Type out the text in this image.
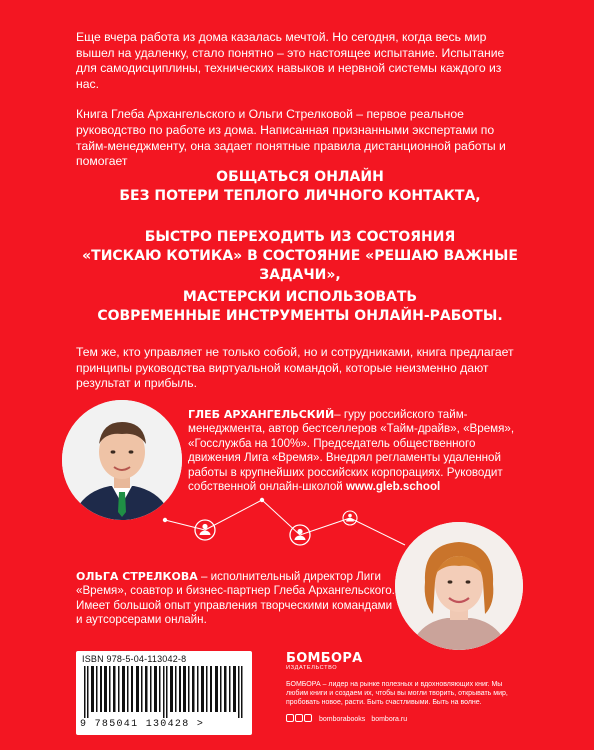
Еще вчера работа из дома казалась мечтой. Но сегодня, когда весь мир вышел на удаленку, стало понятно – это настоящее испытание. Испытание для самодисциплины, технических навыков и нервной системы каждого из нас.

Книга Глеба Архангельского и Ольги Стрелковой – первое реальное руководство по работе из дома. Написанная признанными экспертами по тайм-менеджменту, она задает понятные правила дистанционной работы и помогает

ОБЩАТЬСЯ ОНЛАЙН
БЕЗ ПОТЕРИ ТЕПЛОГО ЛИЧНОГО КОНТАКТА,
БЫСТРО ПЕРЕХОДИТЬ ИЗ СОСТОЯНИЯ
«ТИСКАЮ КОТИКА» В СОСТОЯНИЕ «РЕШАЮ ВАЖНЫЕ ЗАДАЧИ»,
МАСТЕРСКИ ИСПОЛЬЗОВАТЬ
СОВРЕМЕННЫЕ ИНСТРУМЕНТЫ ОНЛАЙН-РАБОТЫ.

Тем же, кто управляет не только собой, но и сотрудниками, книга предлагает принципы руководства виртуальной командой, которые неизменно дают результат и прибыль.

ГЛЕБ АРХАНГЕЛЬСКИЙ– гуру российского тайм-менеджмента, автор бестселлеров «Тайм-драйв», «Время», «Госслужба на 100%». Председатель общественного движения Лига «Время». Внедрял регламенты удаленной работы в крупнейших российских корпорациях. Руководит собственной онлайн-школой www.gleb.school
ОЛЬГА СТРЕЛКОВА – исполнительный директор Лиги «Время», соавтор и бизнес-партнер Глеба Архангельского. Имеет большой опыт управления творческими командами и аутсорсерами онлайн.
ISBN 978-5-04-113042-8
9 785041 130428 >
БОМБОРА
ИЗДАТЕЛЬСТВО
БОМБОРА – лидер на рынке полезных и вдохновляющих книг. Мы любим книги и создаем их, чтобы вы могли творить, открывать мир, пробовать новое, расти. Быть счастливыми. Быть на волне.
bomborabooks bombora.ru
